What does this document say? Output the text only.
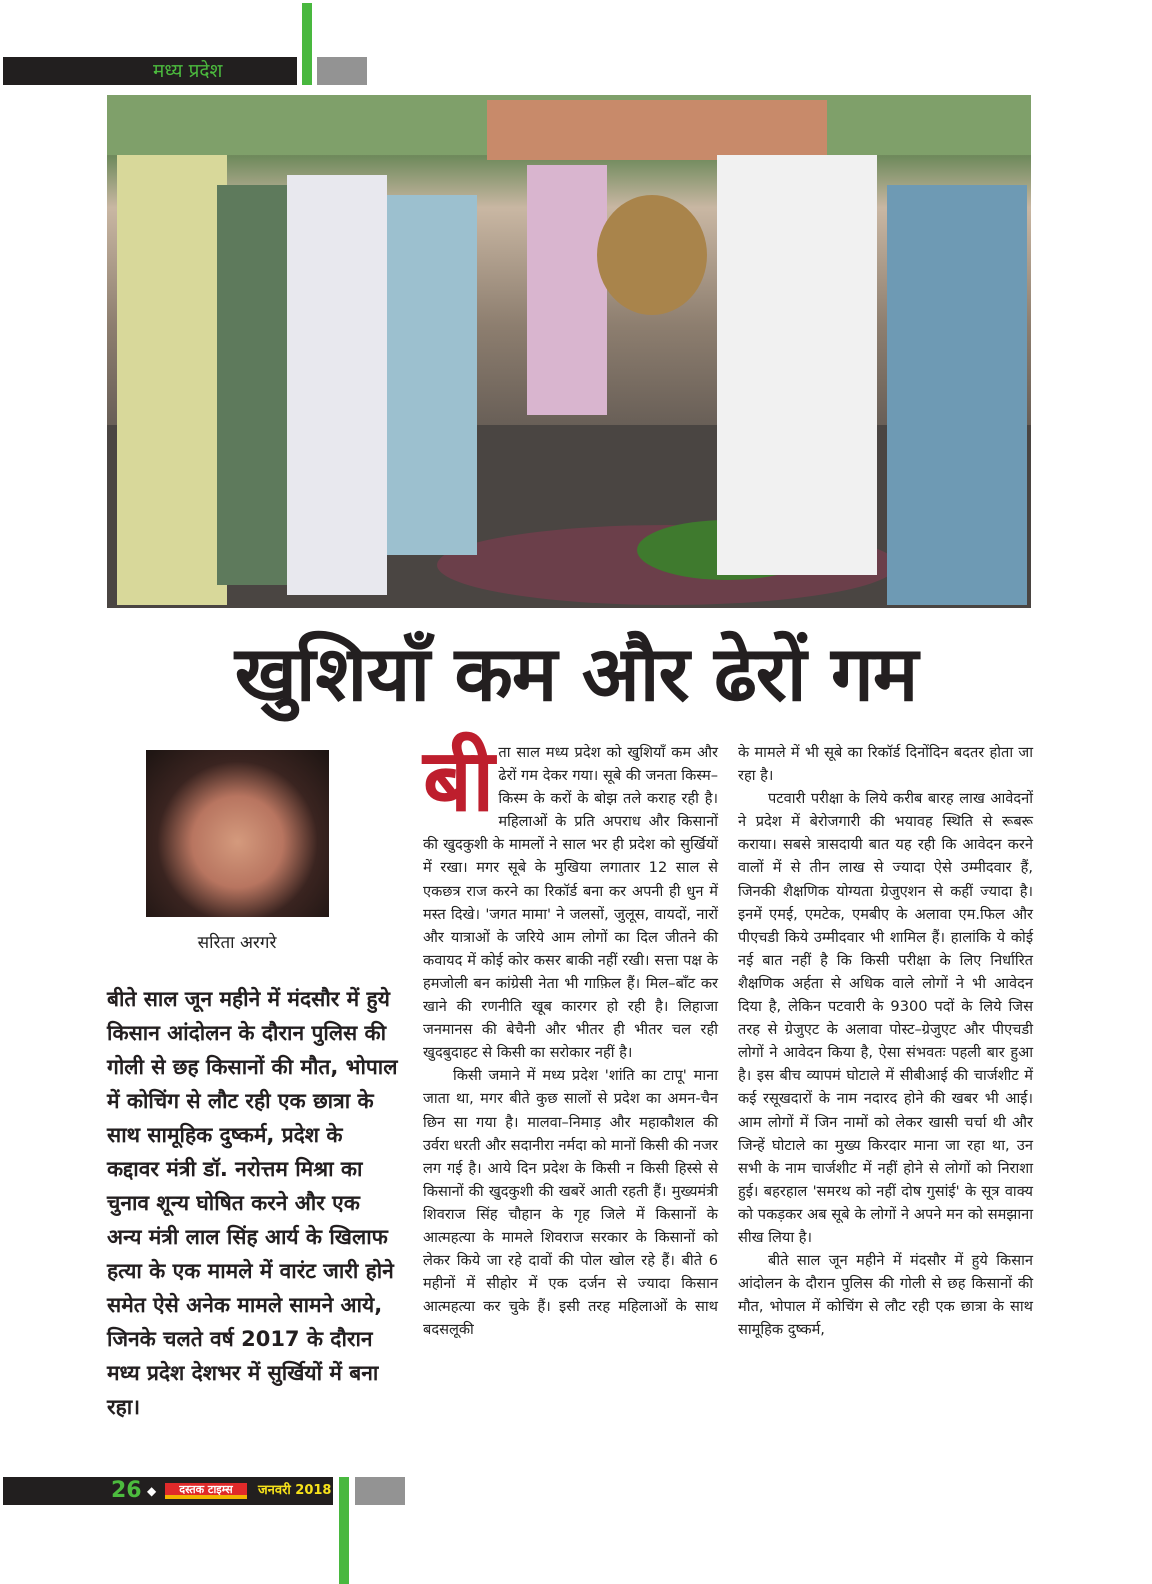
मध्य प्रदेश
खुशियाँ कम और ढेरों गम
सरिता अरगरे
बीते साल जून महीने में मंदसौर में हुये किसान आंदोलन के दौरान पुलिस की गोली से छह किसानों की मौत, भोपाल में कोचिंग से लौट रही एक छात्रा के साथ सामूहिक दुष्कर्म, प्रदेश के कद्दावर मंत्री डॉ. नरोत्तम मिश्रा का चुनाव शून्य घोषित करने और एक अन्य मंत्री लाल सिंह आर्य के खिलाफ हत्या के एक मामले में वारंट जारी होने समेत ऐसे अनेक मामले सामने आये, जिनके चलते वर्ष 2017 के दौरान मध्य प्रदेश देशभर में सुर्खियों में बना रहा।
बी ता साल मध्य प्रदेश को खुशियाँ कम और ढेरों गम देकर गया। सूबे की जनता किस्म–किस्म के करों के बोझ तले कराह रही है। महिलाओं के प्रति अपराध और किसानों की खुदकुशी के मामलों ने साल भर ही प्रदेश को सुर्खियों में रखा। मगर सूबे के मुखिया लगातार 12 साल से एकछत्र राज करने का रिकॉर्ड बना कर अपनी ही धुन में मस्त दिखे। 'जगत मामा' ने जलसों, जुलूस, वायदों, नारों और यात्राओं के जरिये आम लोगों का दिल जीतने की कवायद में कोई कोर कसर बाकी नहीं रखी। सत्ता पक्ष के हमजोली बन कांग्रेसी नेता भी गाफ़िल हैं। मिल–बाँट कर खाने की रणनीति खूब कारगर हो रही है। लिहाजा जनमानस की बेचैनी और भीतर ही भीतर चल रही खुदबुदाहट से किसी का सरोकार नहीं है।

किसी जमाने में मध्य प्रदेश 'शांति का टापू' माना जाता था, मगर बीते कुछ सालों से प्रदेश का अमन-चैन छिन सा गया है। मालवा–निमाड़ और महाकौशल की उर्वरा धरती और सदानीरा नर्मदा को मानों किसी की नजर लग गई है। आये दिन प्रदेश के किसी न किसी हिस्से से किसानों की खुदकुशी की खबरें आती रहती हैं। मुख्यमंत्री शिवराज सिंह चौहान के गृह जिले में किसानों के आत्महत्या के मामले शिवराज सरकार के किसानों को लेकर किये जा रहे दावों की पोल खोल रहे हैं। बीते 6 महीनों में सीहोर में एक दर्जन से ज्यादा किसान आत्महत्या कर चुके हैं। इसी तरह महिलाओं के साथ बदसलूकी

के मामले में भी सूबे का रिकॉर्ड दिनोंदिन बदतर होता जा रहा है।

पटवारी परीक्षा के लिये करीब बारह लाख आवेदनों ने प्रदेश में बेरोजगारी की भयावह स्थिति से रूबरू कराया। सबसे त्रासदायी बात यह रही कि आवेदन करने वालों में से तीन लाख से ज्यादा ऐसे उम्मीदवार हैं, जिनकी शैक्षणिक योग्यता ग्रेजुएशन से कहीं ज्यादा है। इनमें एमई, एमटेक, एमबीए के अलावा एम.फिल और पीएचडी किये उम्मीदवार भी शामिल हैं। हालांकि ये कोई नई बात नहीं है कि किसी परीक्षा के लिए निर्धारित शैक्षणिक अर्हता से अधिक वाले लोगों ने भी आवेदन दिया है, लेकिन पटवारी के 9300 पदों के लिये जिस तरह से ग्रेजुएट के अलावा पोस्ट–ग्रेजुएट और पीएचडी लोगों ने आवेदन किया है, ऐसा संभवतः पहली बार हुआ है। इस बीच व्यापमं घोटाले में सीबीआई की चार्जशीट में कई रसूखदारों के नाम नदारद होने की खबर भी आई। आम लोगों में जिन नामों को लेकर खासी चर्चा थी और जिन्हें घोटाले का मुख्य किरदार माना जा रहा था, उन सभी के नाम चार्जशीट में नहीं होने से लोगों को निराशा हुई। बहरहाल 'समरथ को नहीं दोष गुसांई' के सूत्र वाक्य को पकड़कर अब सूबे के लोगों ने अपने मन को समझाना सीख लिया है।

बीते साल जून महीने में मंदसौर में हुये किसान आंदोलन के दौरान पुलिस की गोली से छह किसानों की मौत, भोपाल में कोचिंग से लौट रही एक छात्रा के साथ सामूहिक दुष्कर्म,

26 ◆	दस्तक टाइम्स	जनवरी 2018
